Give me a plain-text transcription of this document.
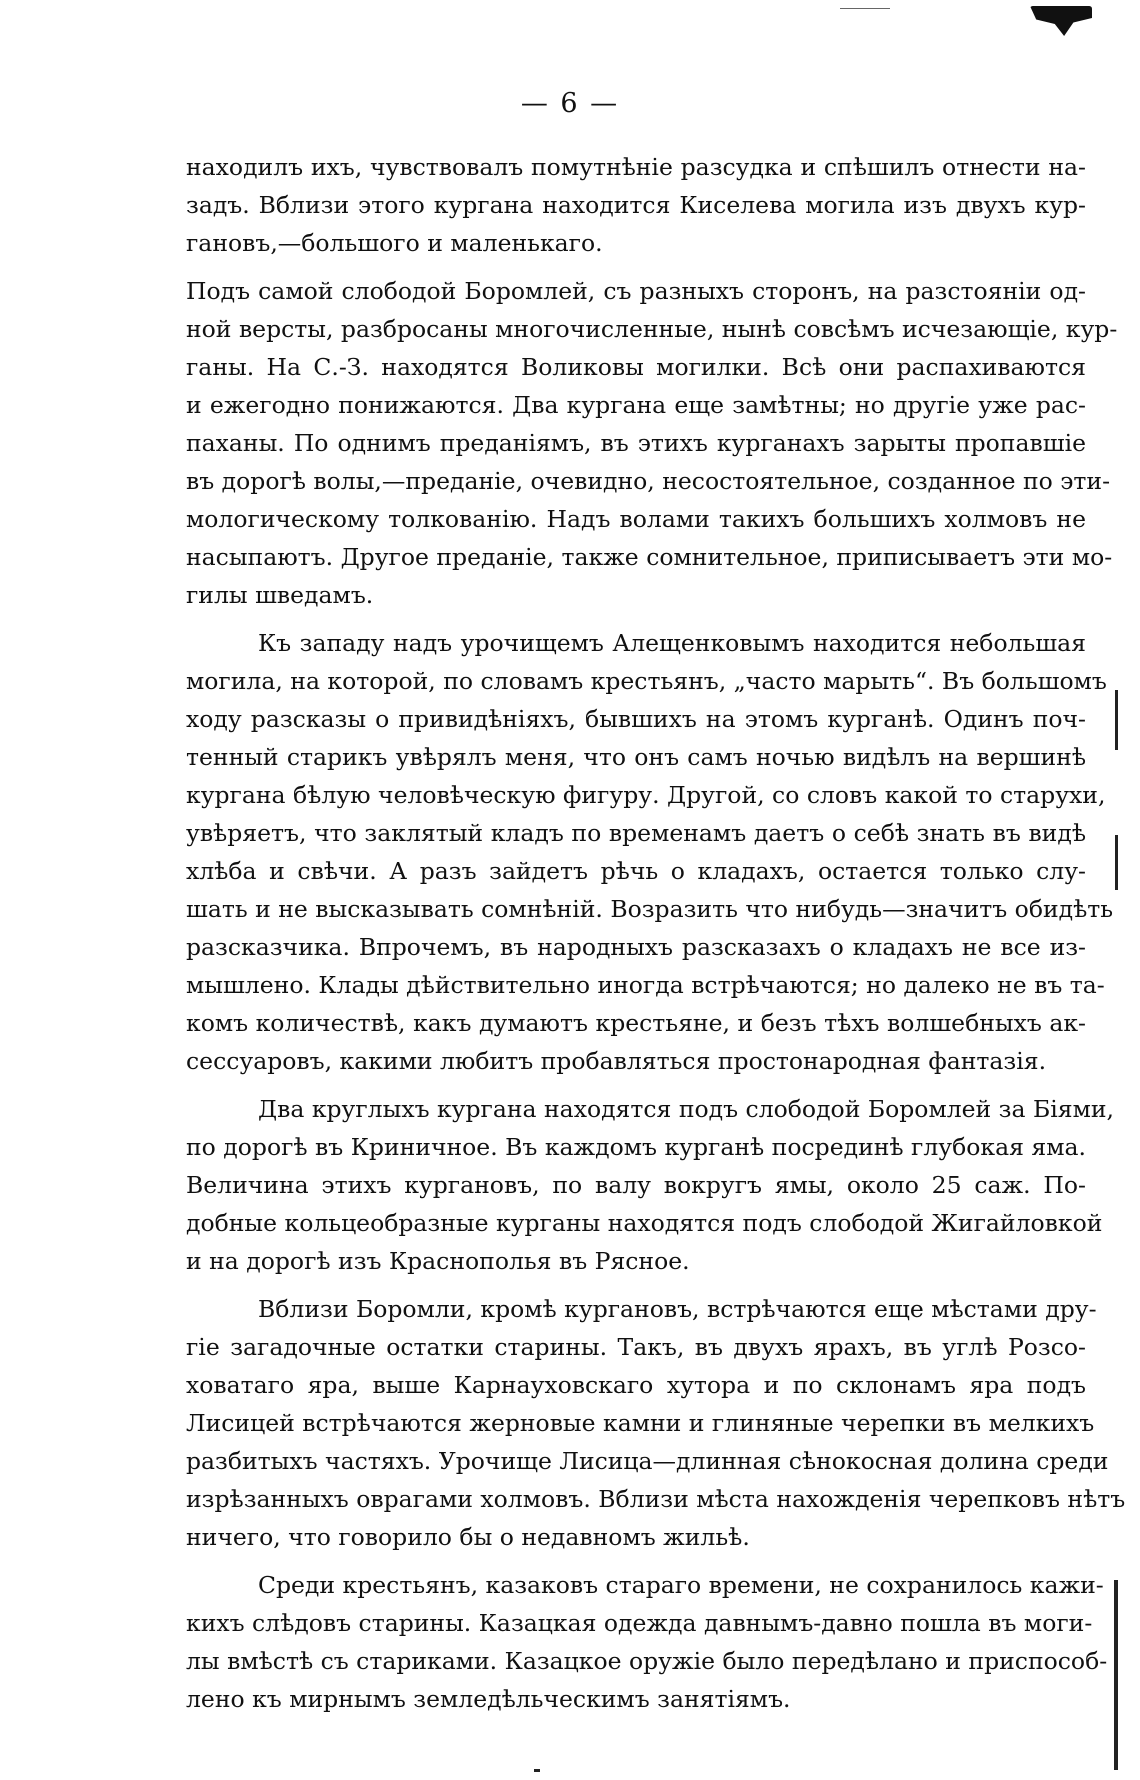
— 6 —
находилъ ихъ, чувствовалъ помутнѣніе разсудка и спѣшилъ отнести на-
задъ. Вблизи этого кургана находится Киселева могила изъ двухъ кур-
гановъ,—большого и маленькаго.
Подъ самой слободой Боромлей, съ разныхъ сторонъ, на разстояніи од-
ной версты, разбросаны многочисленные, нынѣ совсѣмъ исчезающіе, кур-
ганы. На С.-З. находятся Воликовы могилки. Всѣ они распахиваются
и ежегодно понижаются. Два кургана еще замѣтны; но другіе уже рас-
паханы. По однимъ преданіямъ, въ этихъ курганахъ зарыты пропавшіе
въ дорогѣ волы,—преданіе, очевидно, несостоятельное, созданное по эти-
мологическому толкованію. Надъ волами такихъ большихъ холмовъ не
насыпаютъ. Другое преданіе, также сомнительное, приписываетъ эти мо-
гилы шведамъ.
Къ западу надъ урочищемъ Алещенковымъ находится небольшая
могила, на которой, по словамъ крестьянъ, „часто марыть“. Въ большомъ
ходу разсказы о привидѣніяхъ, бывшихъ на этомъ курганѣ. Одинъ поч-
тенный старикъ увѣрялъ меня, что онъ самъ ночью видѣлъ на вершинѣ
кургана бѣлую человѣческую фигуру. Другой, со словъ какой то старухи,
увѣряетъ, что заклятый кладъ по временамъ даетъ о себѣ знать въ видѣ
хлѣба и свѣчи. А разъ зайдетъ рѣчь о кладахъ, остается только слу-
шать и не высказывать сомнѣній. Возразить что нибудь—значитъ обидѣть
разсказчика. Впрочемъ, въ народныхъ разсказахъ о кладахъ не все из-
мышлено. Клады дѣйствительно иногда встрѣчаются; но далеко не въ та-
комъ количествѣ, какъ думаютъ крестьяне, и безъ тѣхъ волшебныхъ ак-
сессуаровъ, какими любитъ пробавляться простонародная фантазія.
Два круглыхъ кургана находятся подъ слободой Боромлей за Біями,
по дорогѣ въ Криничное. Въ каждомъ курганѣ посрединѣ глубокая яма.
Величина этихъ кургановъ, по валу вокругъ ямы, около 25 саж. По-
добные кольцеобразные курганы находятся подъ слободой Жигайловкой
и на дорогѣ изъ Краснополья въ Рясное.
Вблизи Боромли, кромѣ кургановъ, встрѣчаются еще мѣстами дру-
гіе загадочные остатки старины. Такъ, въ двухъ ярахъ, въ углѣ Розсо-
ховатаго яра, выше Карнауховскаго хутора и по склонамъ яра подъ
Лисицей встрѣчаются жерновые камни и глиняные черепки въ мелкихъ
разбитыхъ частяхъ. Урочище Лисица—длинная сѣнокосная долина среди
изрѣзанныхъ оврагами холмовъ. Вблизи мѣста нахожденія черепковъ нѣтъ
ничего, что говорило бы о недавномъ жильѣ.
Среди крестьянъ, казаковъ стараго времени, не сохранилось кажи-
кихъ слѣдовъ старины. Казацкая одежда давнымъ-давно пошла въ моги-
лы вмѣстѣ съ стариками. Казацкое оружіе было передѣлано и приспособ-
лено къ мирнымъ земледѣльческимъ занятіямъ.
